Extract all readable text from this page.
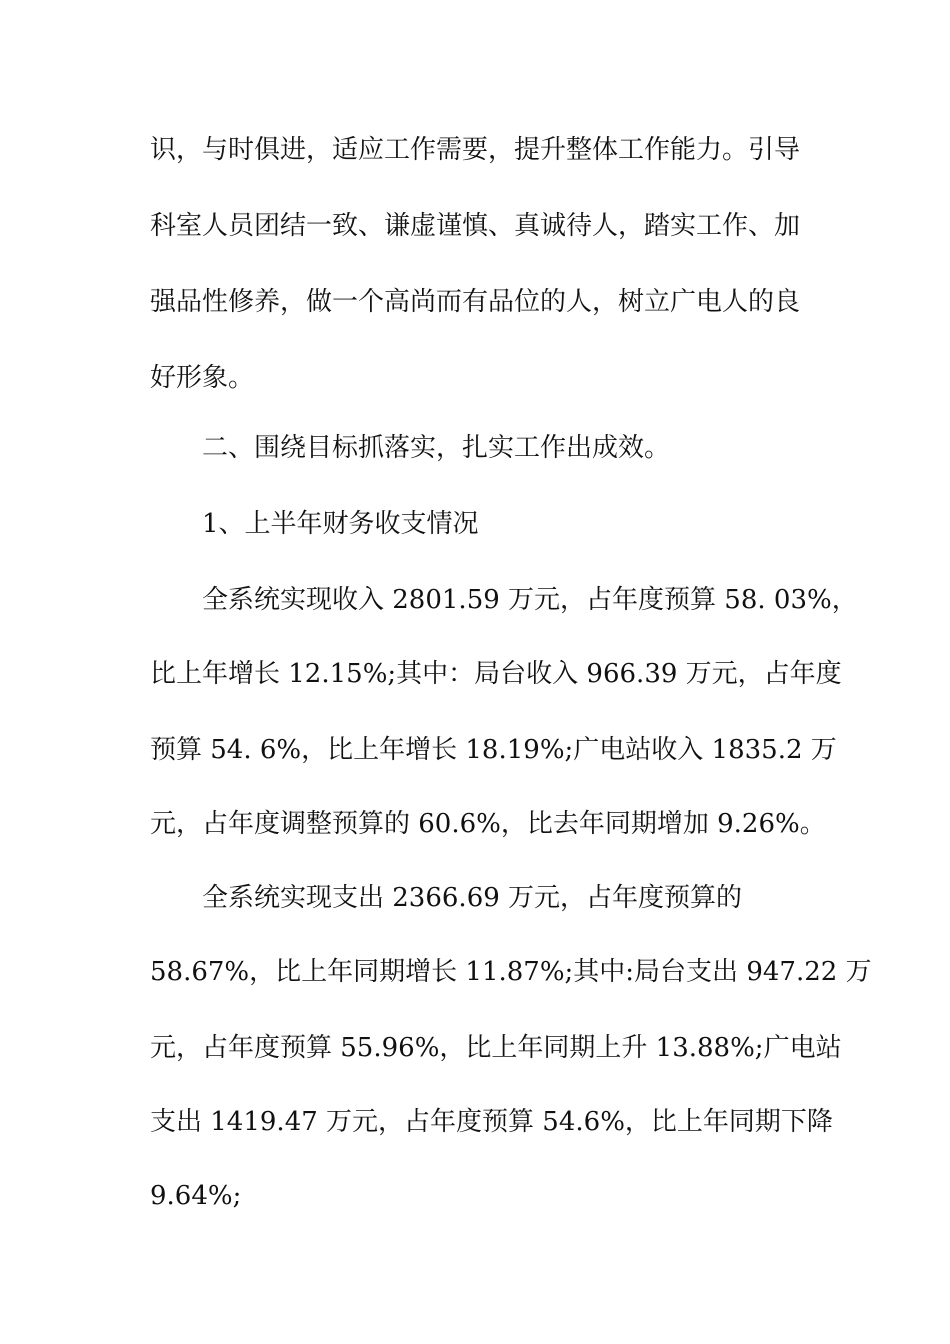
识，与时俱进，适应工作需要，提升整体工作能力。引导
科室人员团结一致、谦虚谨慎、真诚待人，踏实工作、加
强品性修养，做一个高尚而有品位的人，树立广电人的良
好形象。
二、围绕目标抓落实，扎实工作出成效。
1、上半年财务收支情况
全系统实现收入 2801.59 万元，占年度预算 58. 03%，
比上年增长 12.15%;其中：局台收入 966.39 万元，占年度
预算 54. 6%，比上年增长 18.19%;广电站收入 1835.2 万
元，占年度调整预算的 60.6%，比去年同期增加 9.26%。
全系统实现支出 2366.69 万元，占年度预算的
58.67%，比上年同期增长 11.87%;其中:局台支出 947.22 万
元，占年度预算 55.96%，比上年同期上升 13.88%;广电站
支出 1419.47 万元，占年度预算 54.6%，比上年同期下降
9.64%;
